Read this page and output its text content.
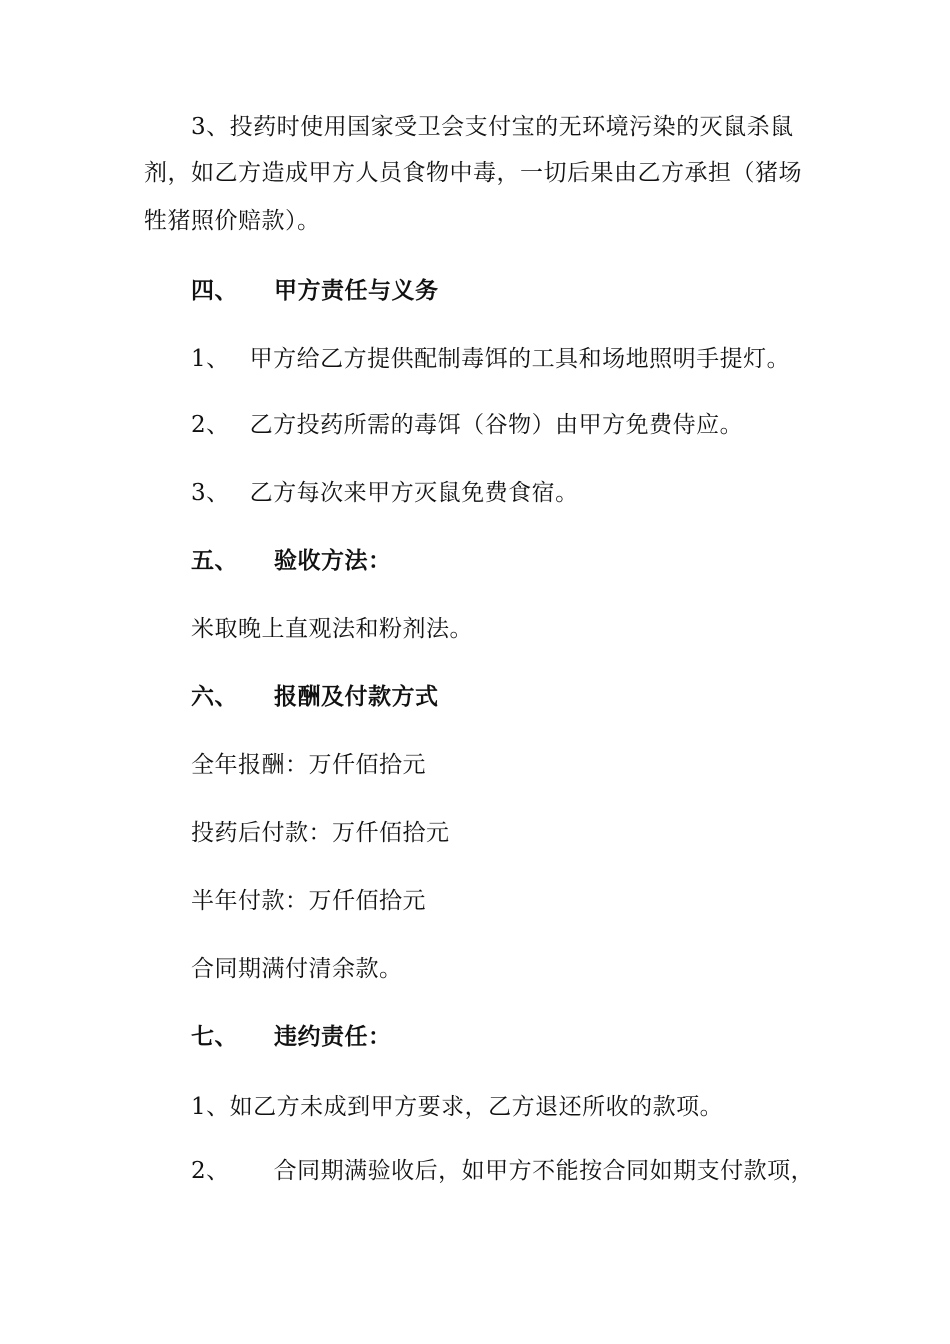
3、投药时使用国家受卫会支付宝的无环境污染的灭鼠杀鼠
剂，如乙方造成甲方人员食物中毒，一切后果由乙方承担（猪场
牲猪照价赔款）。
四、 甲方责任与义务
1、 甲方给乙方提供配制毒饵的工具和场地照明手提灯。
2、 乙方投药所需的毒饵（谷物）由甲方免费侍应。
3、 乙方每次来甲方灭鼠免费食宿。
五、 验收方法：
米取晚上直观法和粉剂法。
六、 报酬及付款方式
全年报酬：万仟佰拾元
投药后付款：万仟佰拾元
半年付款：万仟佰拾元
合同期满付清余款。
七、 违约责任：
1、如乙方未成到甲方要求，乙方退还所收的款项。
2、 合同期满验收后，如甲方不能按合同如期支付款项，
